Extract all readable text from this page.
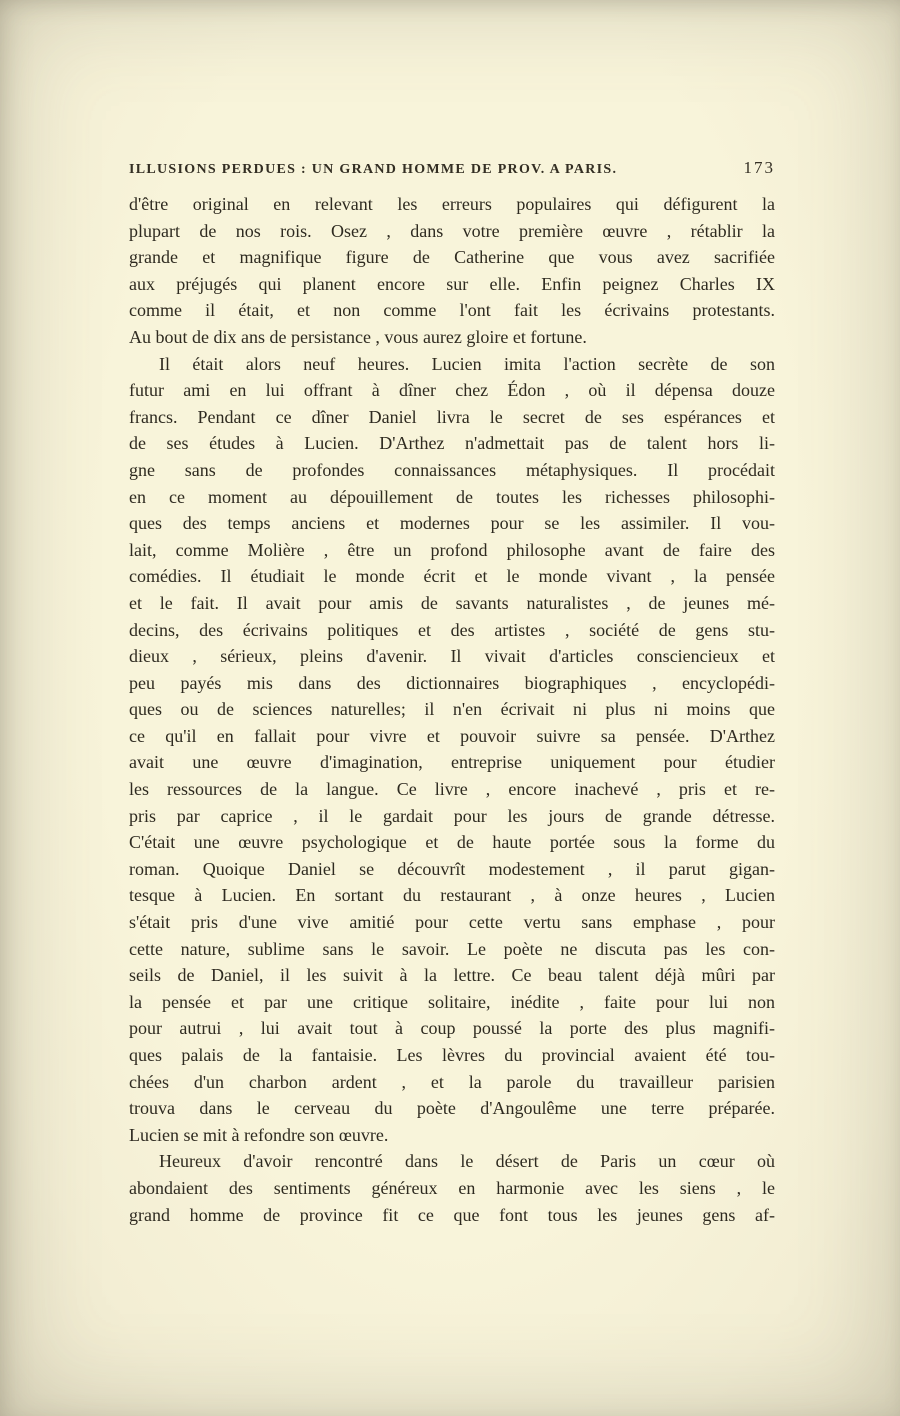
ILLUSIONS PERDUES : UN GRAND HOMME DE PROV. A PARIS.	173
d'être original en relevant les erreurs populaires qui défigurent la
plupart de nos rois. Osez , dans votre première œuvre , rétablir la
grande et magnifique figure de Catherine que vous avez sacrifiée
aux préjugés qui planent encore sur elle. Enfin peignez Charles IX
comme il était, et non comme l'ont fait les écrivains protestants.
Au bout de dix ans de persistance , vous aurez gloire et fortune.
Il était alors neuf heures. Lucien imita l'action secrète de son
futur ami en lui offrant à dîner chez Édon , où il dépensa douze
francs. Pendant ce dîner Daniel livra le secret de ses espérances et
de ses études à Lucien. D'Arthez n'admettait pas de talent hors li-
gne sans de profondes connaissances métaphysiques. Il procédait
en ce moment au dépouillement de toutes les richesses philosophi-
ques des temps anciens et modernes pour se les assimiler. Il vou-
lait, comme Molière , être un profond philosophe avant de faire des
comédies. Il étudiait le monde écrit et le monde vivant , la pensée
et le fait. Il avait pour amis de savants naturalistes , de jeunes mé-
decins, des écrivains politiques et des artistes , société de gens stu-
dieux , sérieux, pleins d'avenir. Il vivait d'articles consciencieux et
peu payés mis dans des dictionnaires biographiques , encyclopédi-
ques ou de sciences naturelles; il n'en écrivait ni plus ni moins que
ce qu'il en fallait pour vivre et pouvoir suivre sa pensée. D'Arthez
avait une œuvre d'imagination, entreprise uniquement pour étudier
les ressources de la langue. Ce livre , encore inachevé , pris et re-
pris par caprice , il le gardait pour les jours de grande détresse.
C'était une œuvre psychologique et de haute portée sous la forme du
roman. Quoique Daniel se découvrît modestement , il parut gigan-
tesque à Lucien. En sortant du restaurant , à onze heures , Lucien
s'était pris d'une vive amitié pour cette vertu sans emphase , pour
cette nature, sublime sans le savoir. Le poète ne discuta pas les con-
seils de Daniel, il les suivit à la lettre. Ce beau talent déjà mûri par
la pensée et par une critique solitaire, inédite , faite pour lui non
pour autrui , lui avait tout à coup poussé la porte des plus magnifi-
ques palais de la fantaisie. Les lèvres du provincial avaient été tou-
chées d'un charbon ardent , et la parole du travailleur parisien
trouva dans le cerveau du poète d'Angoulême une terre préparée.
Lucien se mit à refondre son œuvre.
Heureux d'avoir rencontré dans le désert de Paris un cœur où
abondaient des sentiments généreux en harmonie avec les siens , le
grand homme de province fit ce que font tous les jeunes gens af-
